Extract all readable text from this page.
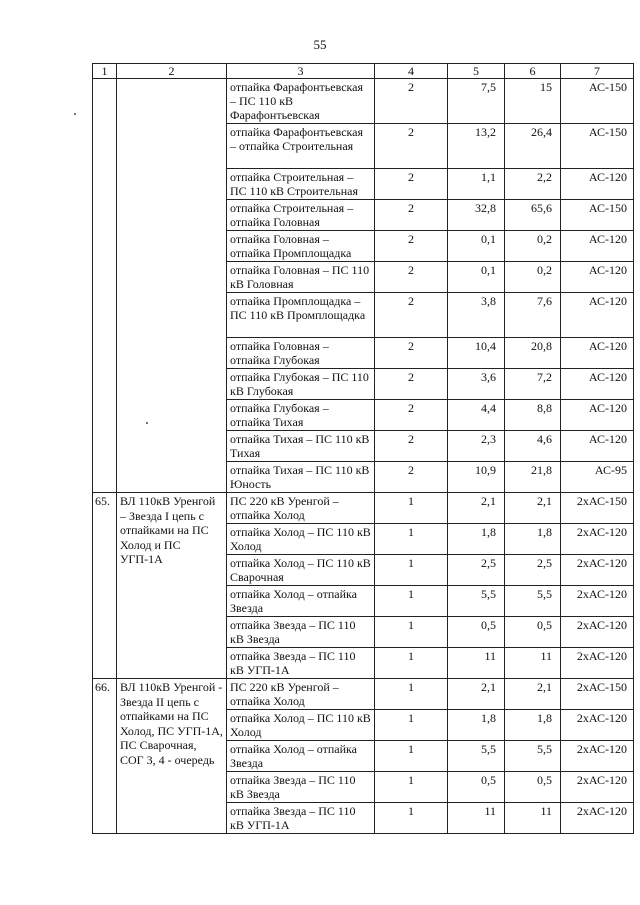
55
1	2	3	4	5	6	7
		отпайка Фарафонтьевская – ПС 110 кВ Фарафонтьевская	2	7,5	15	АС-150
		отпайка Фарафонтьевская – отпайка Строительная	2	13,2	26,4	АС-150
		отпайка Строительная – ПС 110 кВ Строительная	2	1,1	2,2	АС-120
		отпайка Строительная – отпайка Головная	2	32,8	65,6	АС-150
		отпайка Головная – отпайка Промплощадка	2	0,1	0,2	АС-120
		отпайка Головная – ПС 110 кВ Головная	2	0,1	0,2	АС-120
		отпайка Промплощадка – ПС 110 кВ Промплощадка	2	3,8	7,6	АС-120
		отпайка Головная – отпайка Глубокая	2	10,4	20,8	АС-120
		отпайка Глубокая – ПС 110 кВ Глубокая	2	3,6	7,2	АС-120
		отпайка Глубокая – отпайка Тихая	2	4,4	8,8	АС-120
		отпайка Тихая – ПС 110 кВ Тихая	2	2,3	4,6	АС-120
		отпайка Тихая – ПС 110 кВ Юность	2	10,9	21,8	АС-95
65.	ВЛ 110кВ Уренгой – Звезда I цепь с отпайками на ПС Холод и ПС УГП-1А	ПС 220 кВ Уренгой – отпайка Холод	1	2,1	2,1	2хАС-150
		отпайка Холод – ПС 110 кВ Холод	1	1,8	1,8	2хАС-120
		отпайка Холод – ПС 110 кВ Сварочная	1	2,5	2,5	2хАС-120
		отпайка Холод – отпайка Звезда	1	5,5	5,5	2хАС-120
		отпайка Звезда – ПС 110 кВ Звезда	1	0,5	0,5	2хАС-120
		отпайка Звезда – ПС 110 кВ УГП-1А	1	11	11	2хАС-120
66.	ВЛ 110кВ Уренгой - Звезда II цепь с отпайками на ПС Холод, ПС УГП-1А, ПС Сварочная, СОГ 3, 4 - очередь	ПС 220 кВ Уренгой – отпайка Холод	1	2,1	2,1	2хАС-150
		отпайка Холод – ПС 110 кВ Холод	1	1,8	1,8	2хАС-120
		отпайка Холод – отпайка Звезда	1	5,5	5,5	2хАС-120
		отпайка Звезда – ПС 110 кВ Звезда	1	0,5	0,5	2хАС-120
		отпайка Звезда – ПС 110 кВ УГП-1А	1	11	11	2хАС-120
